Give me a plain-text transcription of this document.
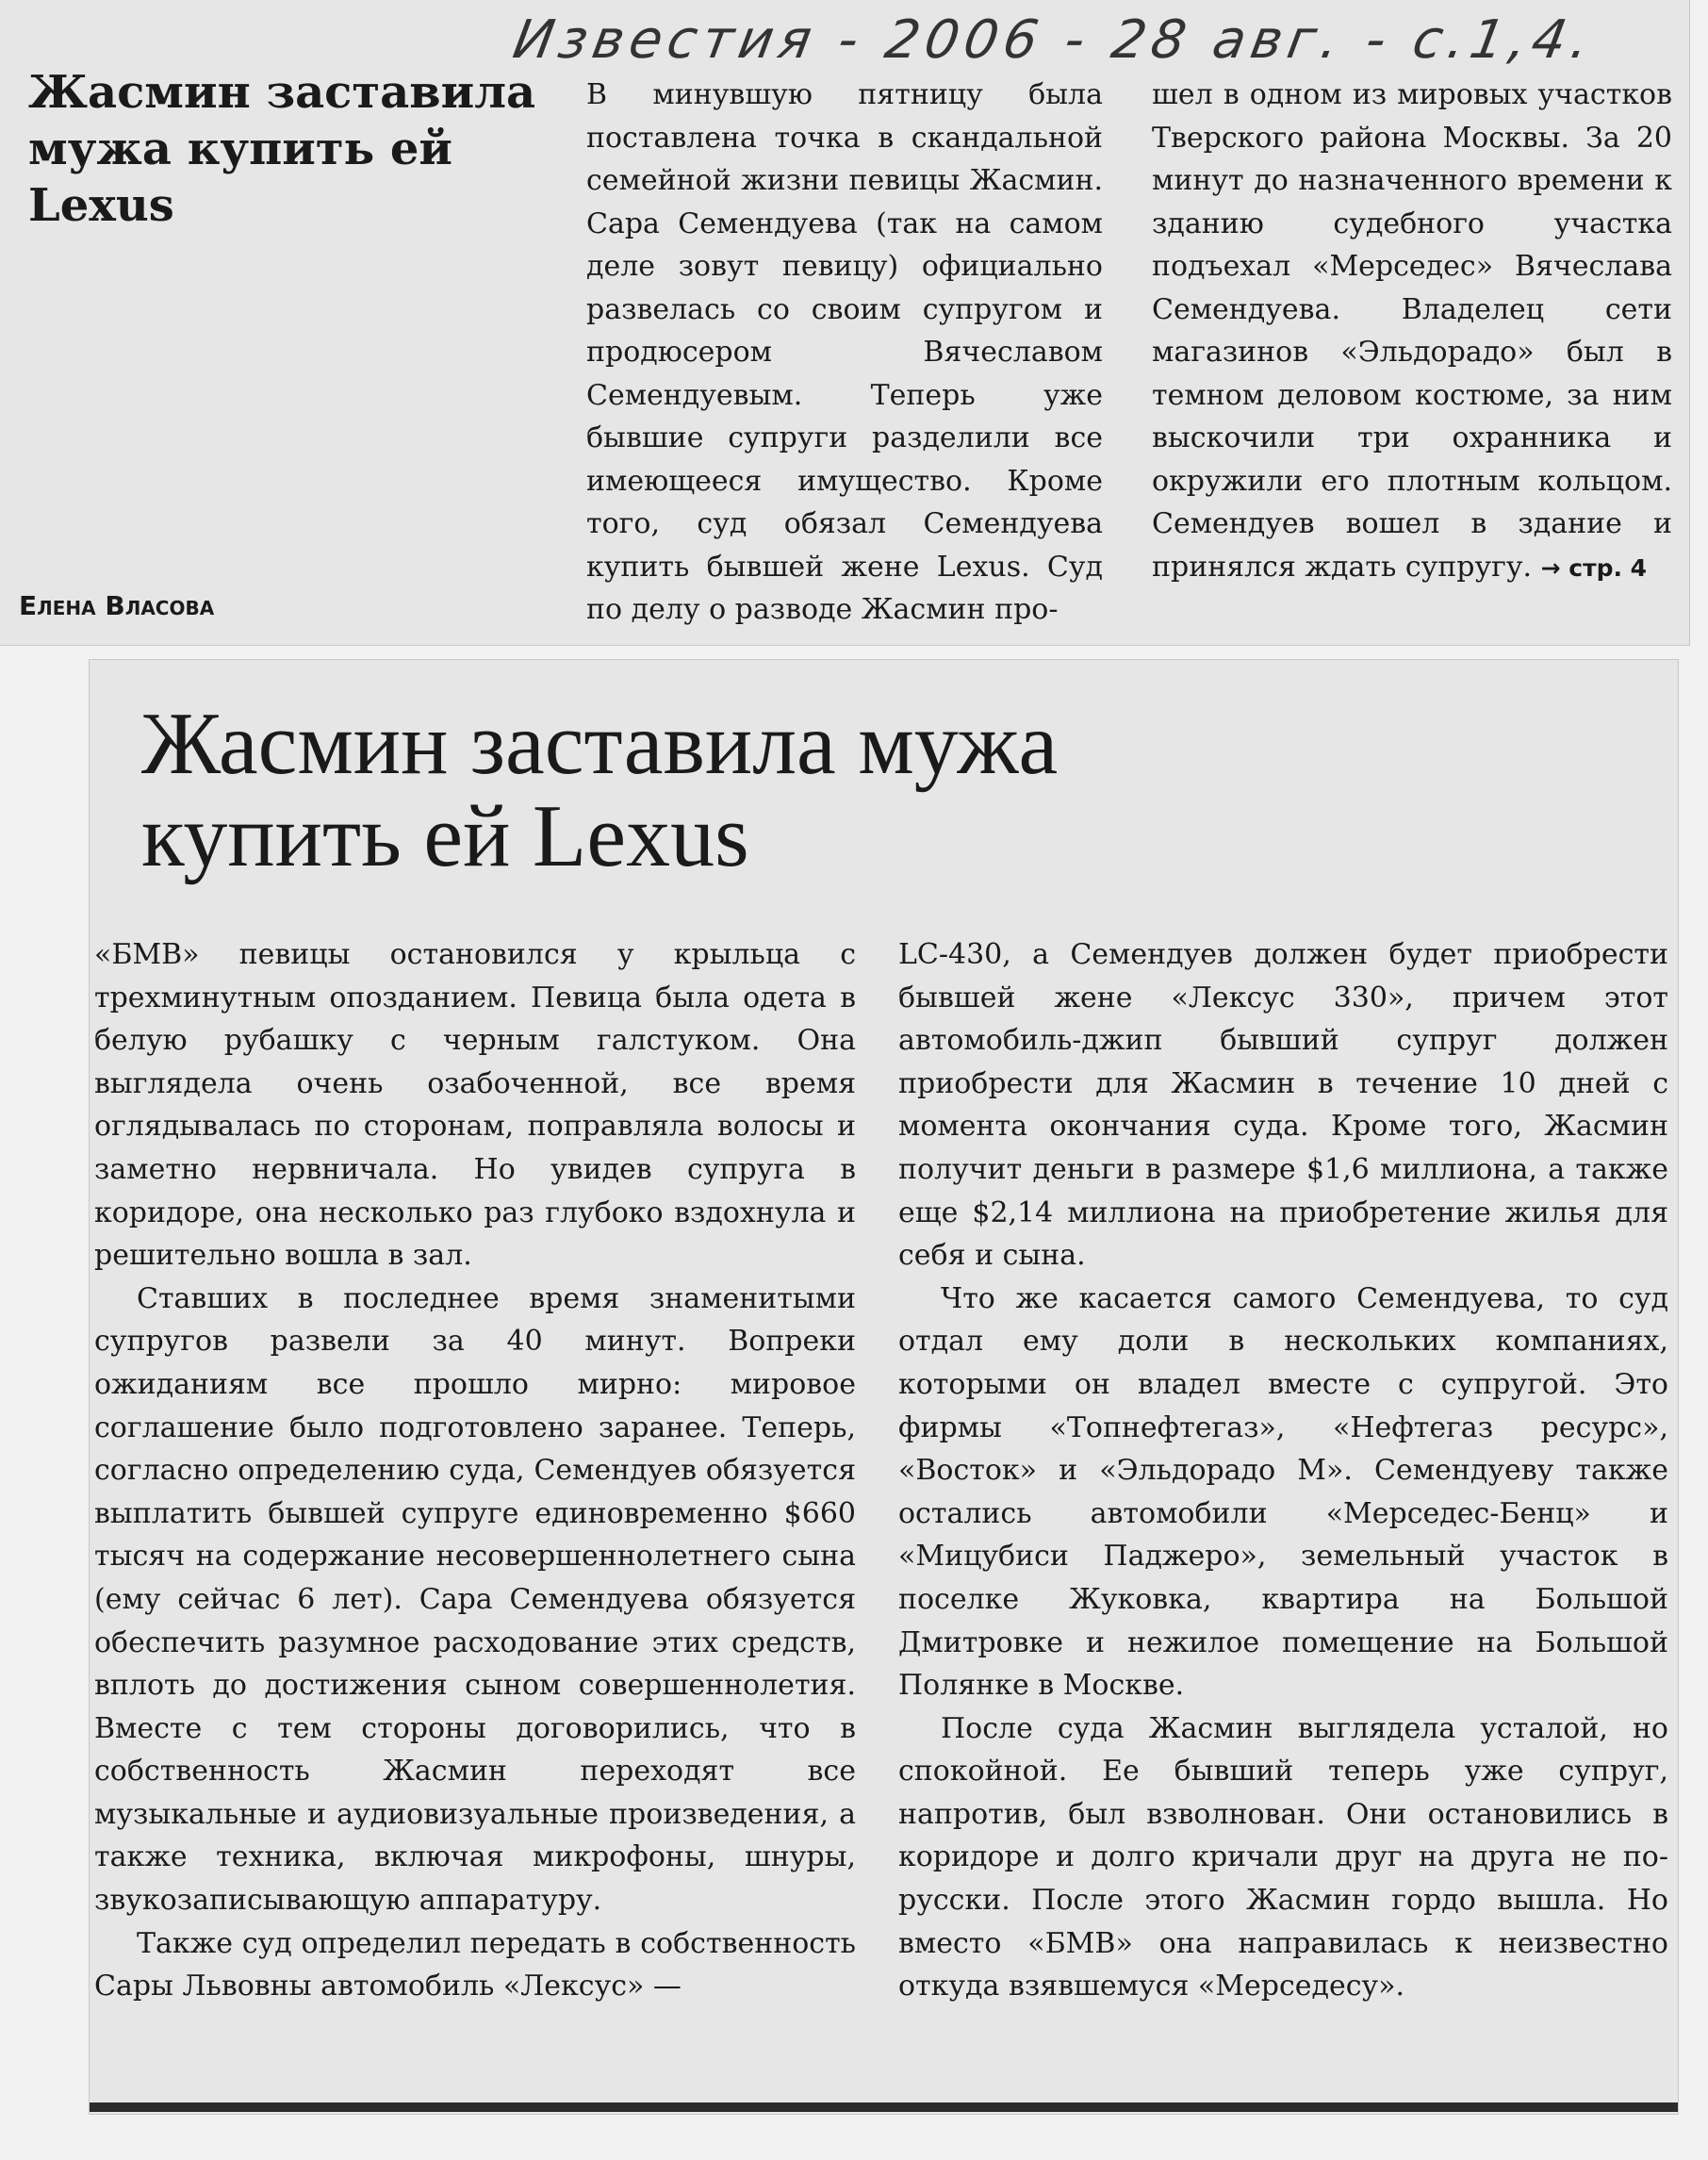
Известия - 2006 - 28 авг. - с.1,4.
Жасмин заставила мужа купить ей Lexus

Елена Власова

В минувшую пятницу была поставлена точка в скандальной семейной жизни певицы Жасмин. Сара Семендуева (так на самом деле зовут певицу) официально развелась со своим супругом и продюсером Вячеславом Семендуевым. Теперь уже бывшие супруги разделили все имеющееся имущество. Кроме того, суд обязал Семендуева купить бывшей жене Lexus. Суд по делу о разводе Жасмин про-
шел в одном из мировых участков Тверского района Москвы. За 20 минут до назначенного времени к зданию судебного участка подъехал «Мерседес» Вячеслава Семендуева. Владелец сети магазинов «Эльдорадо» был в темном деловом костюме, за ним выскочили три охранника и окружили его плотным кольцом. Семендуев вошел в здание и принялся ждать супругу. → стр. 4
Жасмин заставила мужа купить ей Lexus

«БМВ» певицы остановился у крыльца с трехминутным опозданием. Певица была одета в белую рубашку с черным галстуком. Она выглядела очень озабоченной, все время оглядывалась по сторонам, поправляла волосы и заметно нервничала. Но увидев супруга в коридоре, она несколько раз глубоко вздохнула и решительно вошла в зал.

Ставших в последнее время знаменитыми супругов развели за 40 минут. Вопреки ожиданиям все прошло мирно: мировое соглашение было подготовлено заранее. Теперь, согласно определению суда, Семендуев обязуется выплатить бывшей супруге единовременно $660 тысяч на содержание несовершеннолетнего сына (ему сейчас 6 лет). Сара Семендуева обязуется обеспечить разумное расходование этих средств, вплоть до достижения сыном совершеннолетия. Вместе с тем стороны договорились, что в собственность Жасмин переходят все музыкальные и аудиовизуальные произведения, а также техника, включая микрофоны, шнуры, звукозаписывающую аппаратуру.

Также суд определил передать в собственность Сары Львовны автомобиль «Лексус» —

LC-430, а Семендуев должен будет приобрести бывшей жене «Лексус 330», причем этот автомобиль-джип бывший супруг должен приобрести для Жасмин в течение 10 дней с момента окончания суда. Кроме того, Жасмин получит деньги в размере $1,6 миллиона, а также еще $2,14 миллиона на приобретение жилья для себя и сына.

Что же касается самого Семендуева, то суд отдал ему доли в нескольких компаниях, которыми он владел вместе с супругой. Это фирмы «Топнефтегаз», «Нефтегаз ресурс», «Восток» и «Эльдорадо М». Семендуеву также остались автомобили «Мерседес-Бенц» и «Мицубиси Паджеро», земельный участок в поселке Жуковка, квартира на Большой Дмитровке и нежилое помещение на Большой Полянке в Москве.

После суда Жасмин выглядела усталой, но спокойной. Ее бывший теперь уже супруг, напротив, был взволнован. Они остановились в коридоре и долго кричали друг на друга не по-русски. После этого Жасмин гордо вышла. Но вместо «БМВ» она направилась к неизвестно откуда взявшемуся «Мерседесу».
